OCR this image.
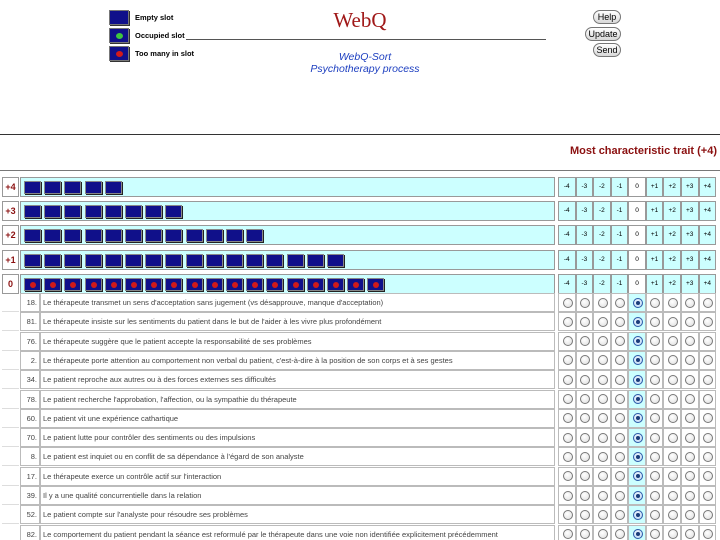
Empty slot
Occupied slot
Too many in slot
WebQ
WebQ-Sort
Psychotherapy process
Help
Update
Send
Most characteristic trait (+4)
+4	-4	-3	-2	-1	0	+1	+2	+3	+4
+3	-4	-3	-2	-1	0	+1	+2	+3	+4
+2	-4	-3	-2	-1	0	+1	+2	+3	+4
+1	-4	-3	-2	-1	0	+1	+2	+3	+4
0	-4	-3	-2	-1	0	+1	+2	+3	+4
18. Le thérapeute transmet un sens d'acceptation sans jugement (vs désapprouve, manque d'acceptation)
81. Le thérapeute insiste sur les sentiments du patient dans le but de l'aider à les vivre plus profondément
76. Le thérapeute suggère que le patient accepte la responsabilité de ses problèmes
2. Le thérapeute porte attention au comportement non verbal du patient, c'est-à-dire à la position de son corps et à ses gestes
34. Le patient reproche aux autres ou à des forces externes ses difficultés
78. Le patient recherche l'approbation, l'affection, ou la sympathie du thérapeute
60. Le patient vit une expérience cathartique
70. Le patient lutte pour contrôler des sentiments ou des impulsions
8. Le patient est inquiet ou en conflit de sa dépendance à l'égard de son analyste
17. Le thérapeute exerce un contrôle actif sur l'interaction
39. Il y a une qualité concurrentielle dans la relation
52. Le patient compte sur l'analyste pour résoudre ses problèmes
82. Le comportement du patient pendant la séance est reformulé par le thérapeute dans une voie non identifiée explicitement précédemment
